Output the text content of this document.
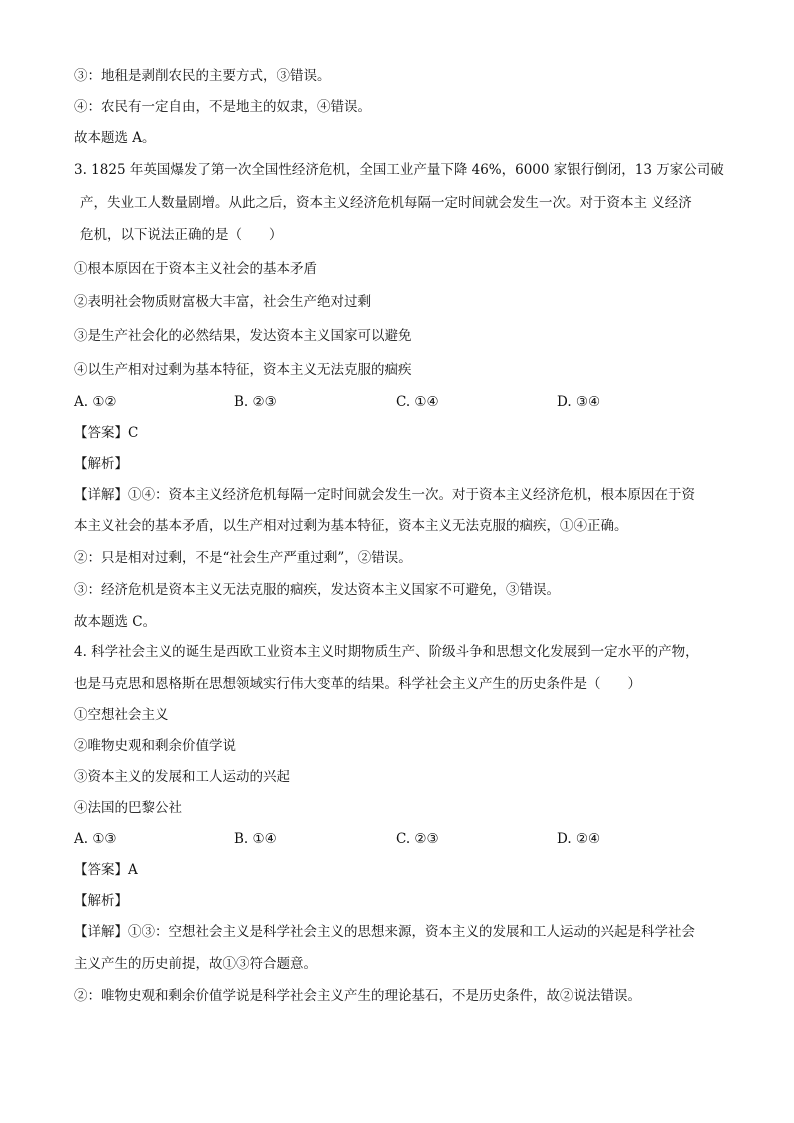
③：地租是剥削农民的主要方式，③错误。
④：农民有一定自由，不是地主的奴隶，④错误。
故本题选 A。
3. 1825 年英国爆发了第一次全国性经济危机，全国工业产量下降 46%，6000 家银行倒闭，13 万家公司破
产，失业工人数量剧增。从此之后，资本主义经济危机每隔一定时间就会发生一次。对于资本主 义经济
危机，以下说法正确的是（　　）
①根本原因在于资本主义社会的基本矛盾
②表明社会物质财富极大丰富，社会生产绝对过剩
③是生产社会化的必然结果，发达资本主义国家可以避免
④以生产相对过剩为基本特征，资本主义无法克服的痼疾
A. ①②	B. ②③	C. ①④	D. ③④
【答案】C
【解析】
【详解】①④：资本主义经济危机每隔一定时间就会发生一次。对于资本主义经济危机，根本原因在于资
本主义社会的基本矛盾，以生产相对过剩为基本特征，资本主义无法克服的痼疾，①④正确。
②：只是相对过剩，不是“社会生产严重过剩”，②错误。
③：经济危机是资本主义无法克服的痼疾，发达资本主义国家不可避免，③错误。
故本题选 C。
4. 科学社会主义的诞生是西欧工业资本主义时期物质生产、阶级斗争和思想文化发展到一定水平的产物，
也是马克思和恩格斯在思想领域实行伟大变革的结果。科学社会主义产生的历史条件是（　　）
①空想社会主义
②唯物史观和剩余价值学说
③资本主义的发展和工人运动的兴起
④法国的巴黎公社
A. ①③	B. ①④	C. ②③	D. ②④
【答案】A
【解析】
【详解】①③：空想社会主义是科学社会主义的思想来源，资本主义的发展和工人运动的兴起是科学社会
主义产生的历史前提，故①③符合题意。
②：唯物史观和剩余价值学说是科学社会主义产生的理论基石，不是历史条件，故②说法错误。
